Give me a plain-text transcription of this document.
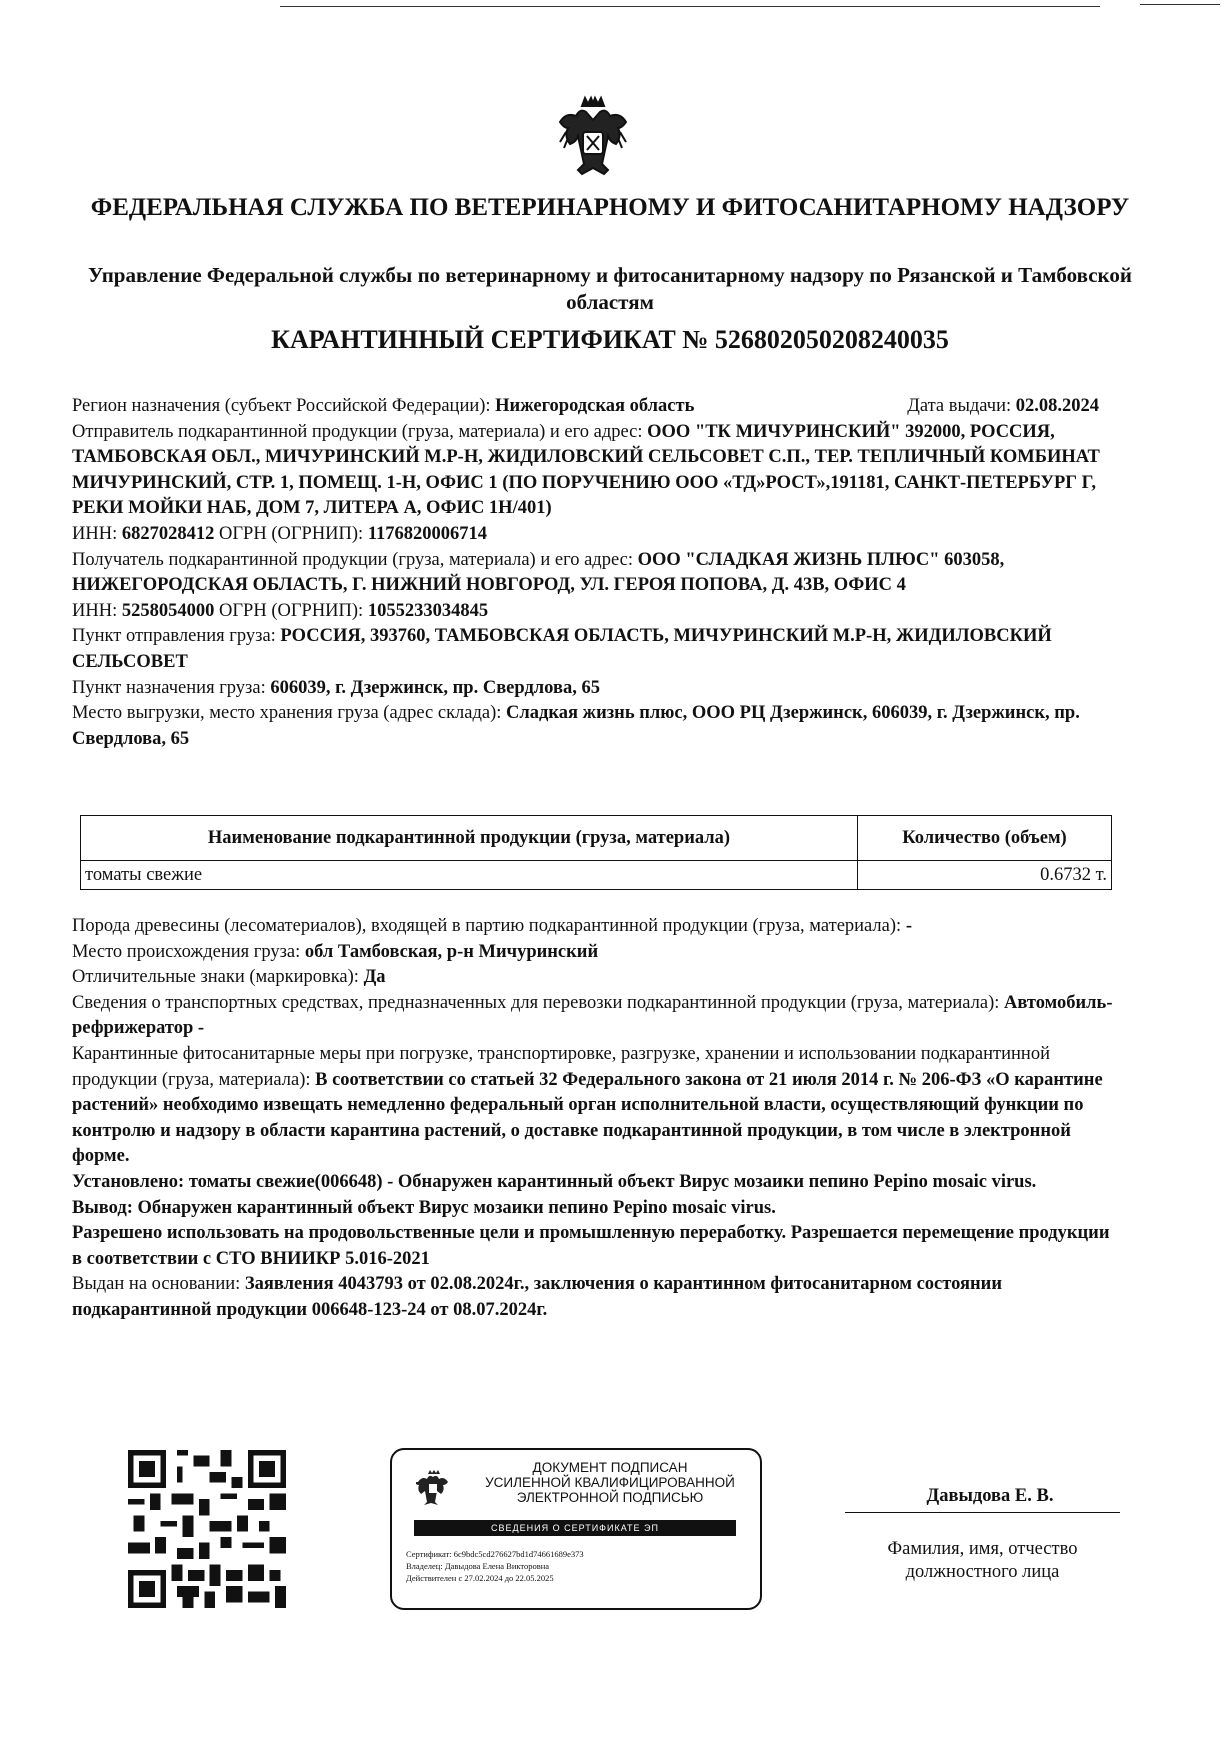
ФЕДЕРАЛЬНАЯ СЛУЖБА ПО ВЕТЕРИНАРНОМУ И ФИТОСАНИТАРНОМУ НАДЗОРУ
Управление Федеральной службы по ветеринарному и фитосанитарному надзору по Рязанской и Тамбовской областям
КАРАНТИННЫЙ СЕРТИФИКАТ № 526802050208240035
Регион назначения (субъект Российской Федерации): Нижегородская область	Дата выдачи: 02.08.2024

Отправитель подкарантинной продукции (груза, материала) и его адрес: ООО "ТК МИЧУРИНСКИЙ" 392000, РОССИЯ, ТАМБОВСКАЯ ОБЛ., МИЧУРИНСКИЙ М.Р-Н, ЖИДИЛОВСКИЙ СЕЛЬСОВЕТ С.П., ТЕР. ТЕПЛИЧНЫЙ КОМБИНАТ МИЧУРИНСКИЙ, СТР. 1, ПОМЕЩ. 1-Н, ОФИС 1 (ПО ПОРУЧЕНИЮ ООО «ТД»РОСТ»,191181, САНКТ-ПЕТЕРБУРГ Г, РЕКИ МОЙКИ НАБ, ДОМ 7, ЛИТЕРА А, ОФИС 1Н/401)

ИНН: 6827028412 ОГРН (ОГРНИП): 1176820006714

Получатель подкарантинной продукции (груза, материала) и его адрес: ООО "СЛАДКАЯ ЖИЗНЬ ПЛЮС" 603058, НИЖЕГОРОДСКАЯ ОБЛАСТЬ, Г. НИЖНИЙ НОВГОРОД, УЛ. ГЕРОЯ ПОПОВА, Д. 43В, ОФИС 4

ИНН: 5258054000 ОГРН (ОГРНИП): 1055233034845

Пункт отправления груза: РОССИЯ, 393760, ТАМБОВСКАЯ ОБЛАСТЬ, МИЧУРИНСКИЙ М.Р-Н, ЖИДИЛОВСКИЙ СЕЛЬСОВЕТ

Пункт назначения груза: 606039, г. Дзержинск, пр. Свердлова, 65

Место выгрузки, место хранения груза (адрес склада): Сладкая жизнь плюс, ООО РЦ Дзержинск, 606039, г. Дзержинск, пр. Свердлова, 65

Наименование подкарантинной продукции (груза, материала)	Количество (объем)
томаты свежие	0.6732 т.

Порода древесины (лесоматериалов), входящей в партию подкарантинной продукции (груза, материала): -

Место происхождения груза: обл Тамбовская, р-н Мичуринский

Отличительные знаки (маркировка): Да

Сведения о транспортных средствах, предназначенных для перевозки подкарантинной продукции (груза, материала): Автомобиль-рефрижератор -

Карантинные фитосанитарные меры при погрузке, транспортировке, разгрузке, хранении и использовании подкарантинной продукции (груза, материала): В соответствии со статьей 32 Федерального закона от 21 июля 2014 г. № 206-ФЗ «О карантине растений» необходимо извещать немедленно федеральный орган исполнительной власти, осуществляющий функции по контролю и надзору в области карантина растений, о доставке подкарантинной продукции, в том числе в электронной форме.

Установлено: томаты свежие(006648) - Обнаружен карантинный объект Вирус мозаики пепино Pepino mosaic virus.

Вывод: Обнаружен карантинный объект Вирус мозаики пепино Pepino mosaic virus.

Разрешено использовать на продовольственные цели и промышленную переработку. Разрешается перемещение продукции в соответствии с СТО ВНИИКР 5.016-2021

Выдан на основании: Заявления 4043793 от 02.08.2024г., заключения о карантинном фитосанитарном состоянии подкарантинной продукции 006648-123-24 от 08.07.2024г.

ДОКУМЕНТ ПОДПИСАН
УСИЛЕННОЙ КВАЛИФИЦИРОВАННОЙ
ЭЛЕКТРОННОЙ ПОДПИСЬЮ
СВЕДЕНИЯ О СЕРТИФИКАТЕ ЭП
Сертификат: 6c9bdc5cd276627bd1d74661689e373
Владелец: Давыдова Елена Викторовна
Действителен с 27.02.2024 до 22.05.2025
Давыдова Е. В.
Фамилия, имя, отчество должностного лица
